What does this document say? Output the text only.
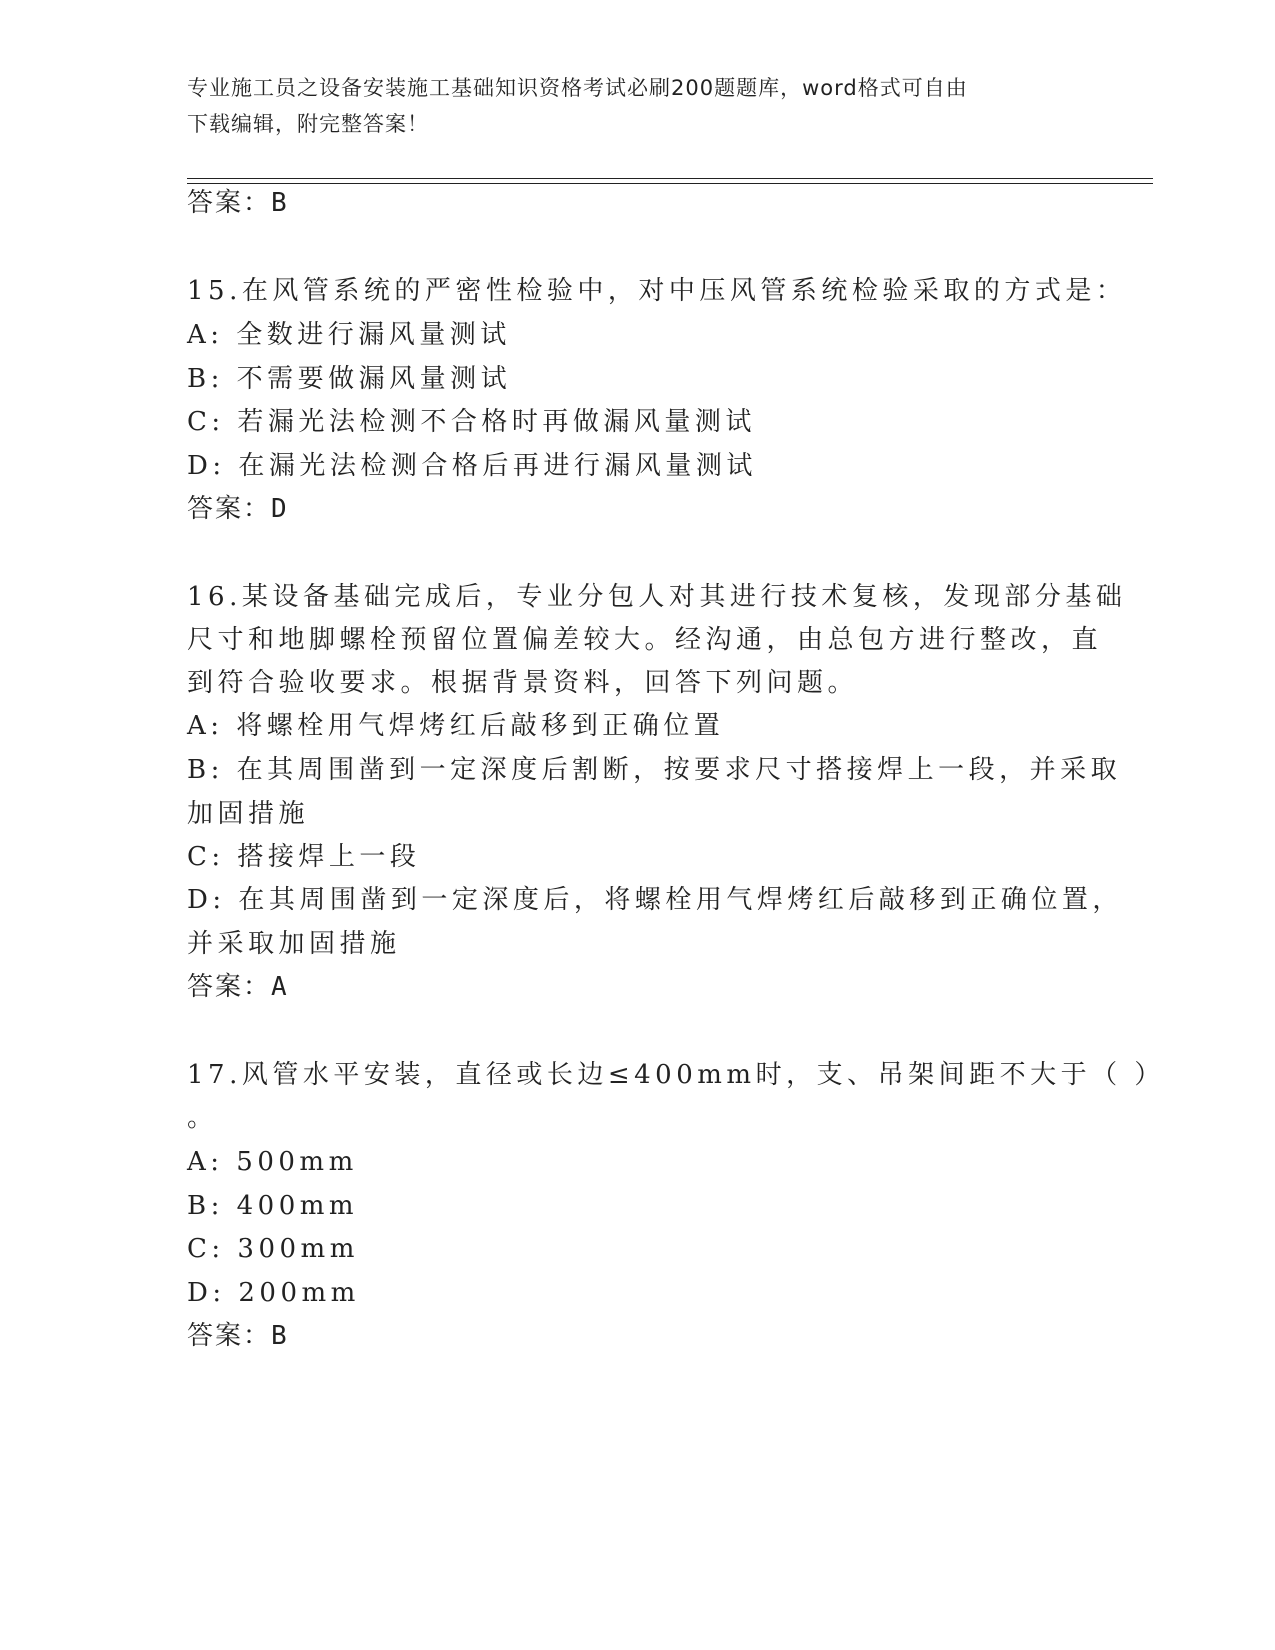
专业施工员之设备安装施工基础知识资格考试必刷200题题库，word格式可自由
下载编辑，附完整答案！
答案：B
15.在风管系统的严密性检验中，对中压风管系统检验采取的方式是：
A: 全数进行漏风量测试
B: 不需要做漏风量测试
C: 若漏光法检测不合格时再做漏风量测试
D: 在漏光法检测合格后再进行漏风量测试
答案：D
16.某设备基础完成后，专业分包人对其进行技术复核，发现部分基础
尺寸和地脚螺栓预留位置偏差较大。经沟通，由总包方进行整改，直
到符合验收要求。根据背景资料，回答下列问题。
A: 将螺栓用气焊烤红后敲移到正确位置
B: 在其周围凿到一定深度后割断，按要求尺寸搭接焊上一段，并采取
加固措施
C: 搭接焊上一段
D: 在其周围凿到一定深度后，将螺栓用气焊烤红后敲移到正确位置，
并采取加固措施
答案：A
17.风管水平安装，直径或长边≤400mm时，支、吊架间距不大于（ ）
。
A: 500mm
B: 400mm
C: 300mm
D: 200mm
答案：B
